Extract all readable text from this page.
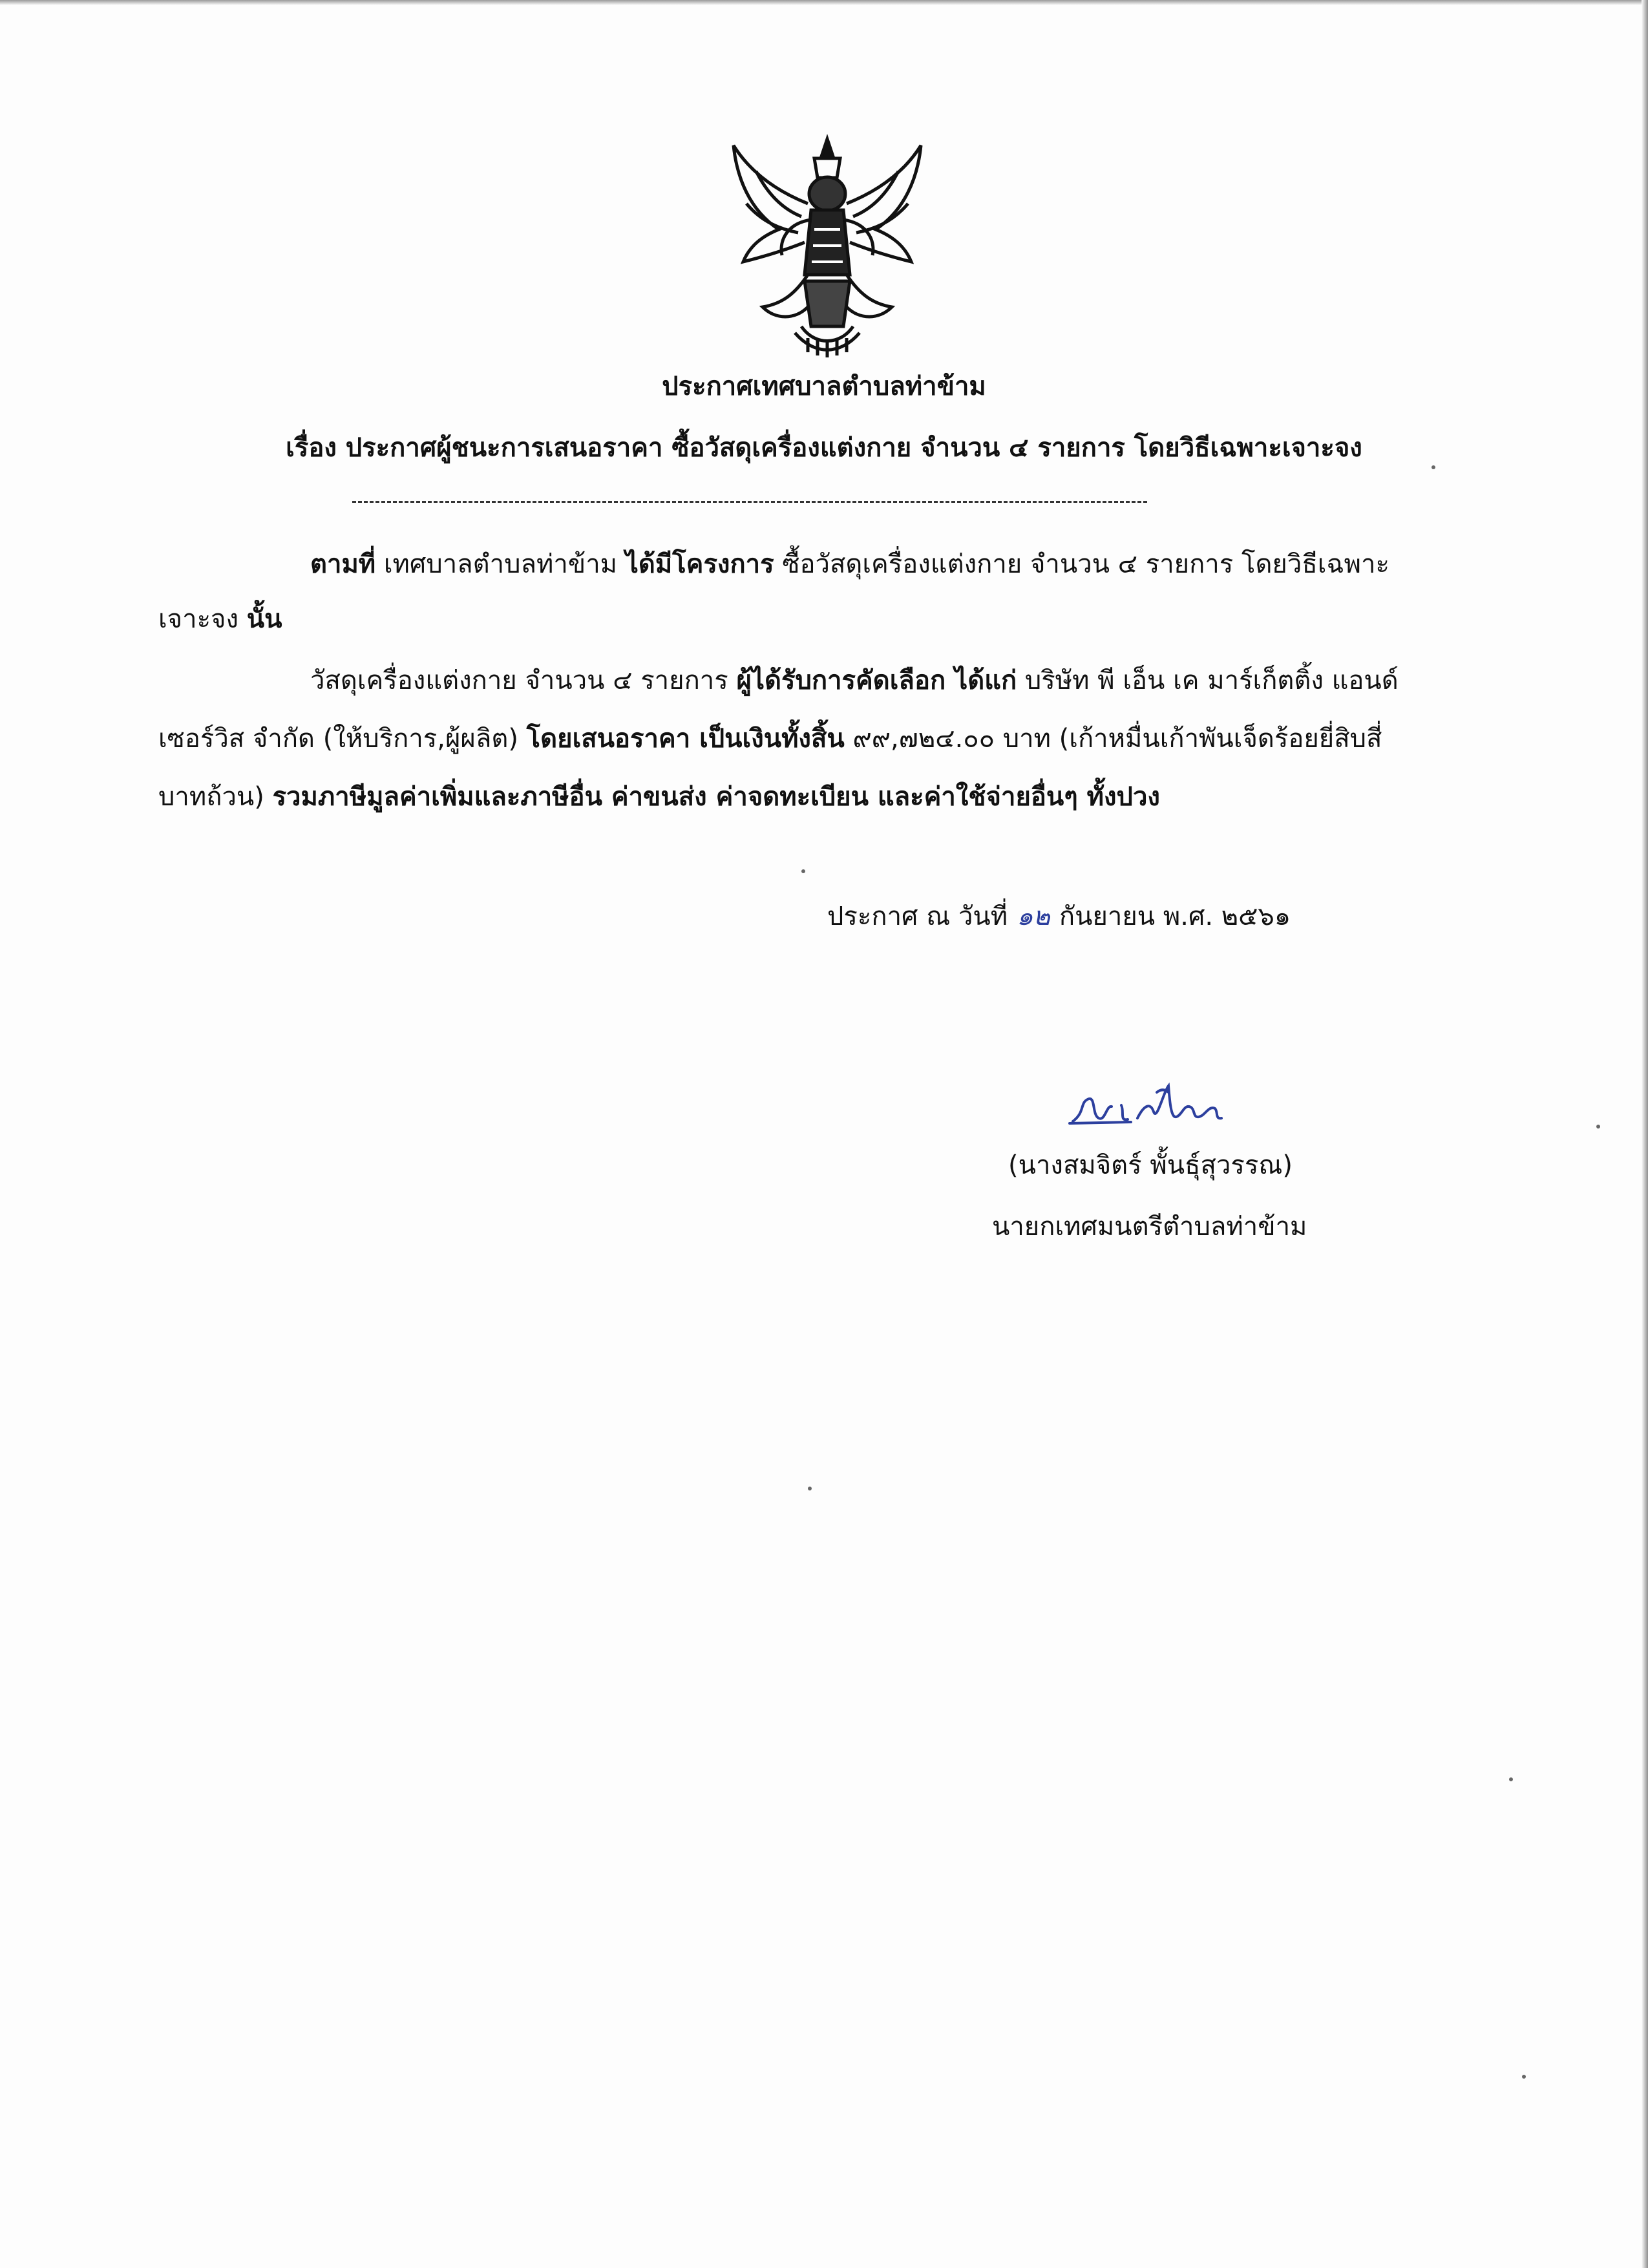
ประกาศเทศบาลตำบลท่าข้าม
เรื่อง ประกาศผู้ชนะการเสนอราคา ซื้อวัสดุเครื่องแต่งกาย จำนวน ๔ รายการ โดยวิธีเฉพาะเจาะจง
ตามที่ เทศบาลตำบลท่าข้าม ได้มีโครงการ ซื้อวัสดุเครื่องแต่งกาย จำนวน ๔ รายการ โดยวิธีเฉพาะ
เจาะจง นั้น
วัสดุเครื่องแต่งกาย จำนวน ๔ รายการ ผู้ได้รับการคัดเลือก ได้แก่ บริษัท พี เอ็น เค มาร์เก็ตติ้ง แอนด์
เซอร์วิส จำกัด (ให้บริการ,ผู้ผลิต) โดยเสนอราคา เป็นเงินทั้งสิ้น ๙๙,๗๒๔.๐๐ บาท (เก้าหมื่นเก้าพันเจ็ดร้อยยี่สิบสี่
บาทถ้วน) รวมภาษีมูลค่าเพิ่มและภาษีอื่น ค่าขนส่ง ค่าจดทะเบียน และค่าใช้จ่ายอื่นๆ ทั้งปวง
ประกาศ ณ วันที่ ๑๒ กันยายน พ.ศ. ๒๕๖๑
(นางสมจิตร์ พั้นธุ์สุวรรณ)
นายกเทศมนตรีตำบลท่าข้าม
